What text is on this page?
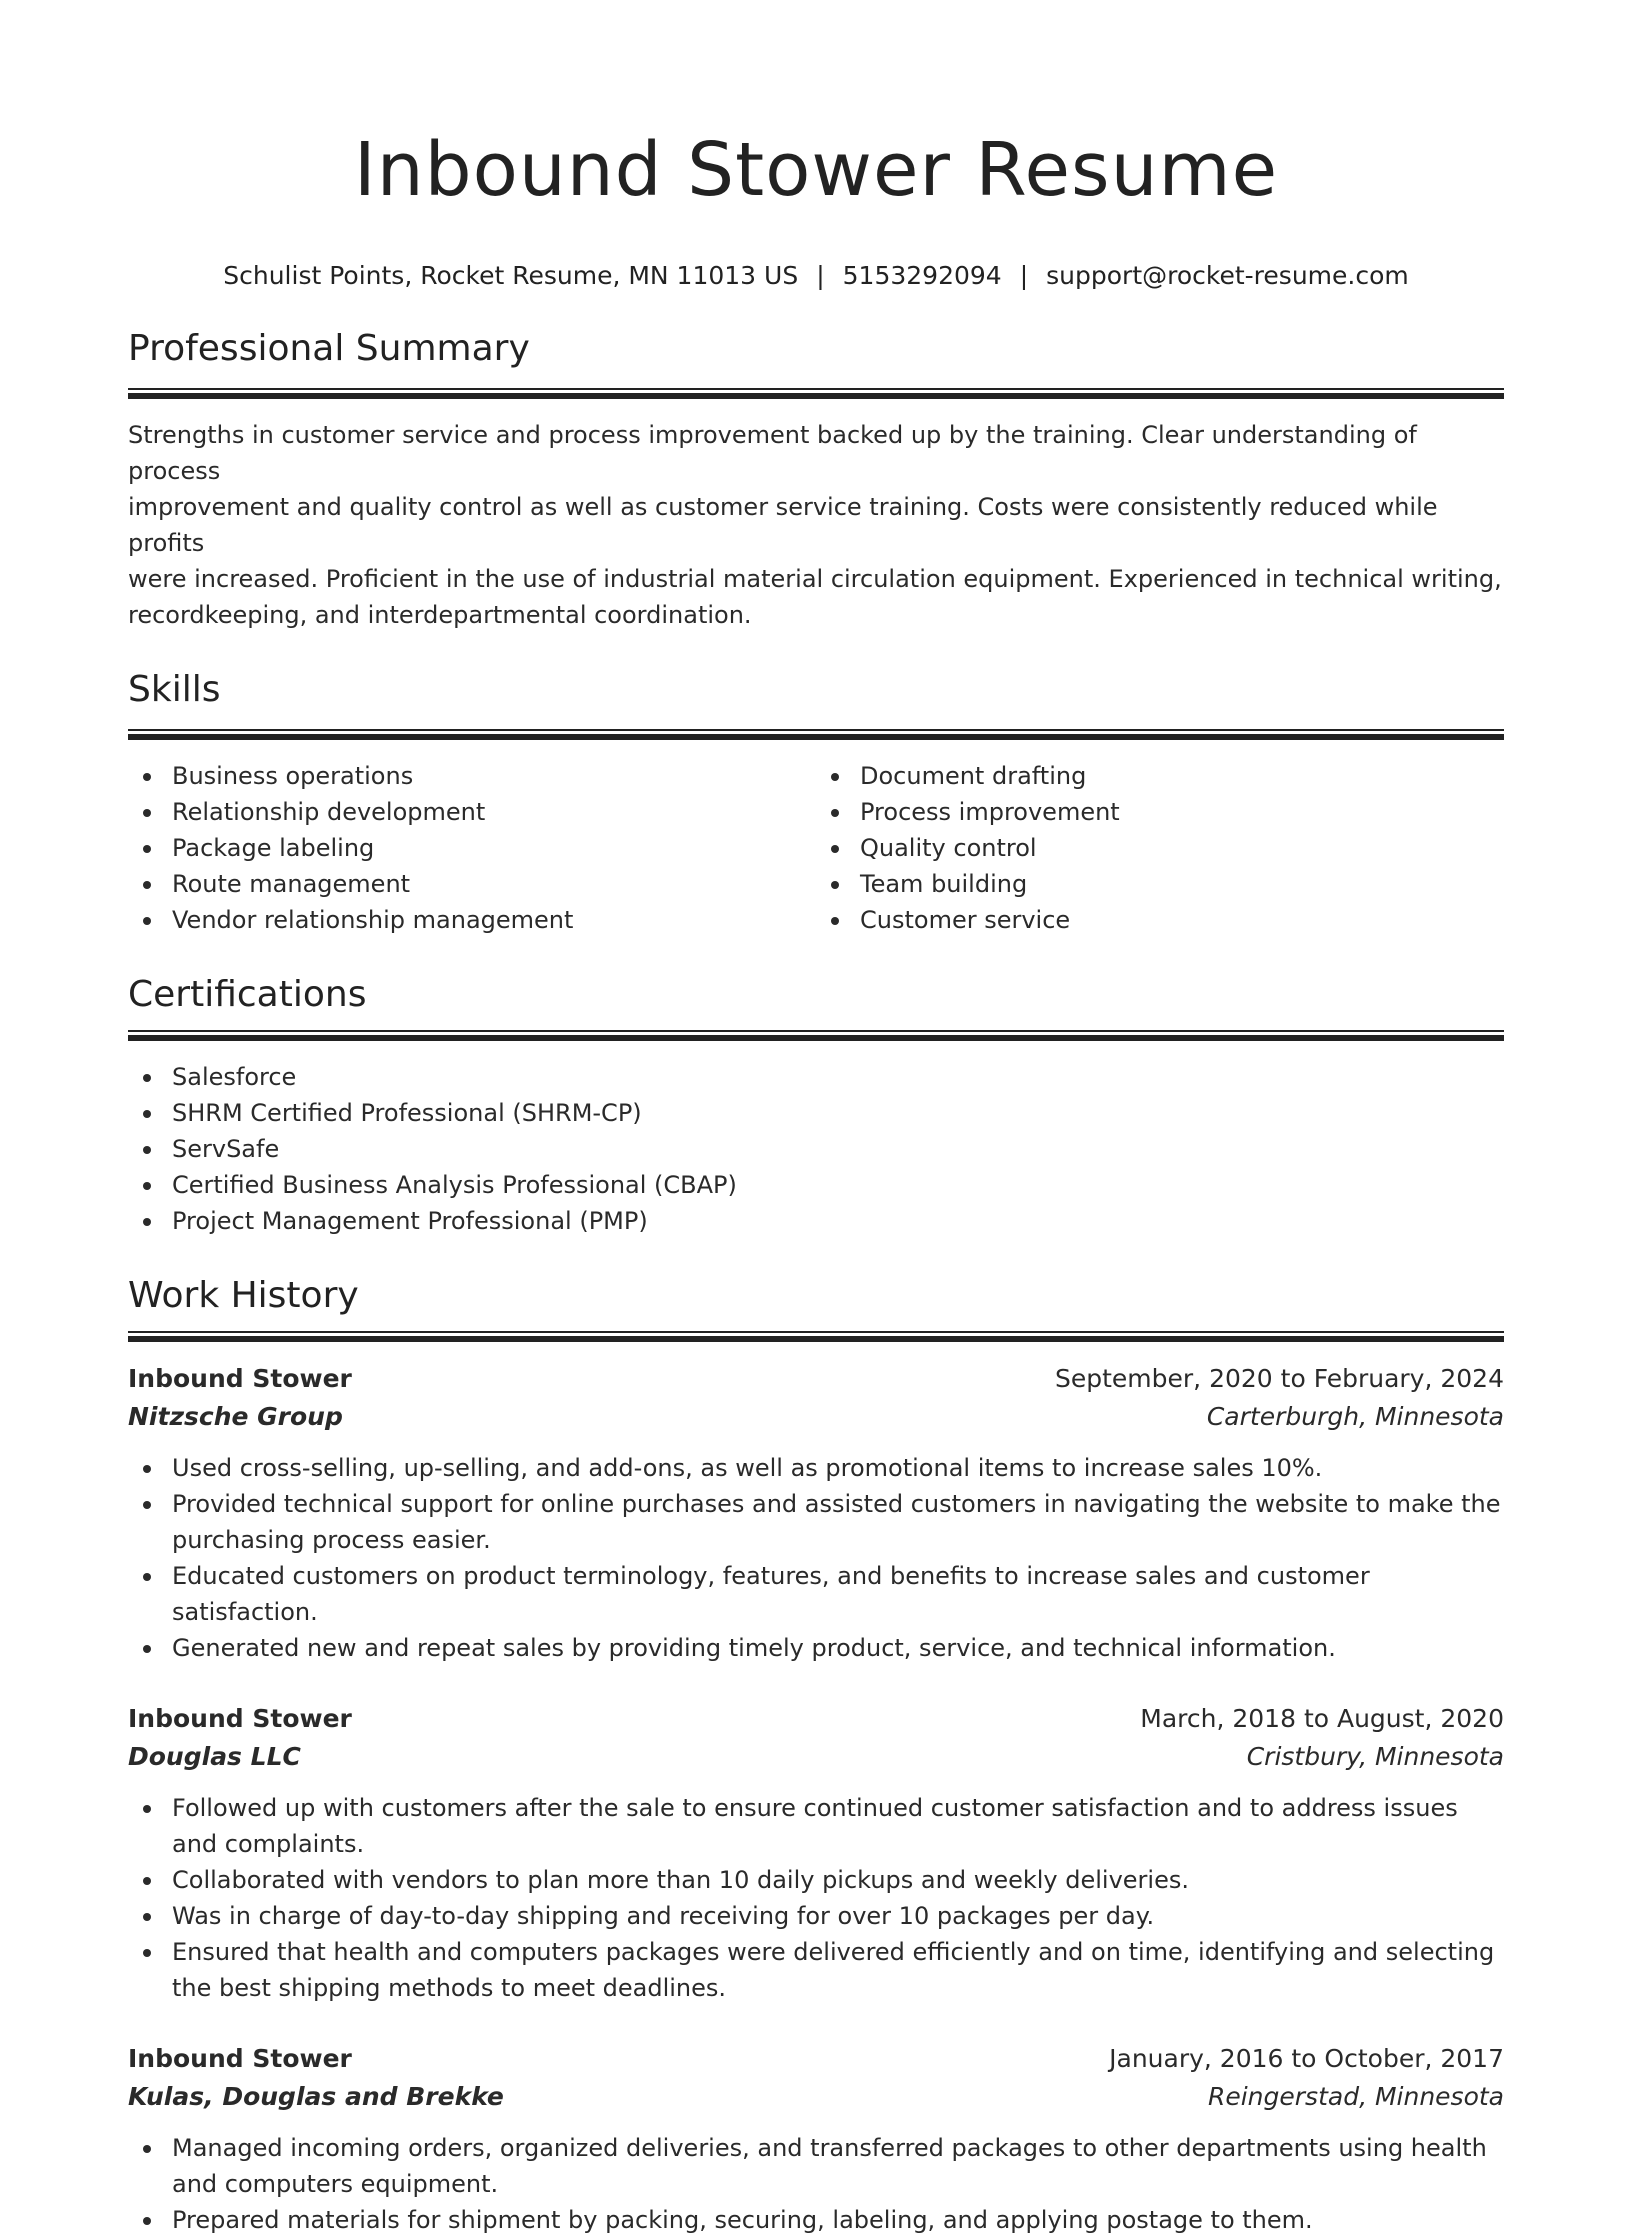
Inbound Stower Resume
Schulist Points, Rocket Resume, MN 11013 US | 5153292094 | support@rocket-resume.com
Professional Summary

Strengths in customer service and process improvement backed up by the training. Clear understanding of process
improvement and quality control as well as customer service training. Costs were consistently reduced while profits
were increased. Proficient in the use of industrial material circulation equipment. Experienced in technical writing,
recordkeeping, and interdepartmental coordination.

Skills
Business operations
Relationship development
Package labeling
Route management
Vendor relationship management
Document drafting
Process improvement
Quality control
Team building
Customer service
Certifications
Salesforce
SHRM Certified Professional (SHRM-CP)
ServSafe
Certified Business Analysis Professional (CBAP)
Project Management Professional (PMP)
Work History
Inbound Stower	September, 2020 to February, 2024
Nitzsche Group	Carterburgh, Minnesota
Used cross-selling, up-selling, and add-ons, as well as promotional items to increase sales 10%.
Provided technical support for online purchases and assisted customers in navigating the website to make the purchasing process easier.
Educated customers on product terminology, features, and benefits to increase sales and customer satisfaction.
Generated new and repeat sales by providing timely product, service, and technical information.
Inbound Stower	March, 2018 to August, 2020
Douglas LLC	Cristbury, Minnesota
Followed up with customers after the sale to ensure continued customer satisfaction and to address issues and complaints.
Collaborated with vendors to plan more than 10 daily pickups and weekly deliveries.
Was in charge of day-to-day shipping and receiving for over 10 packages per day.
Ensured that health and computers packages were delivered efficiently and on time, identifying and selecting the best shipping methods to meet deadlines.
Inbound Stower	January, 2016 to October, 2017
Kulas, Douglas and Brekke	Reingerstad, Minnesota
Managed incoming orders, organized deliveries, and transferred packages to other departments using health and computers equipment.
Prepared materials for shipment by packing, securing, labeling, and applying postage to them.
